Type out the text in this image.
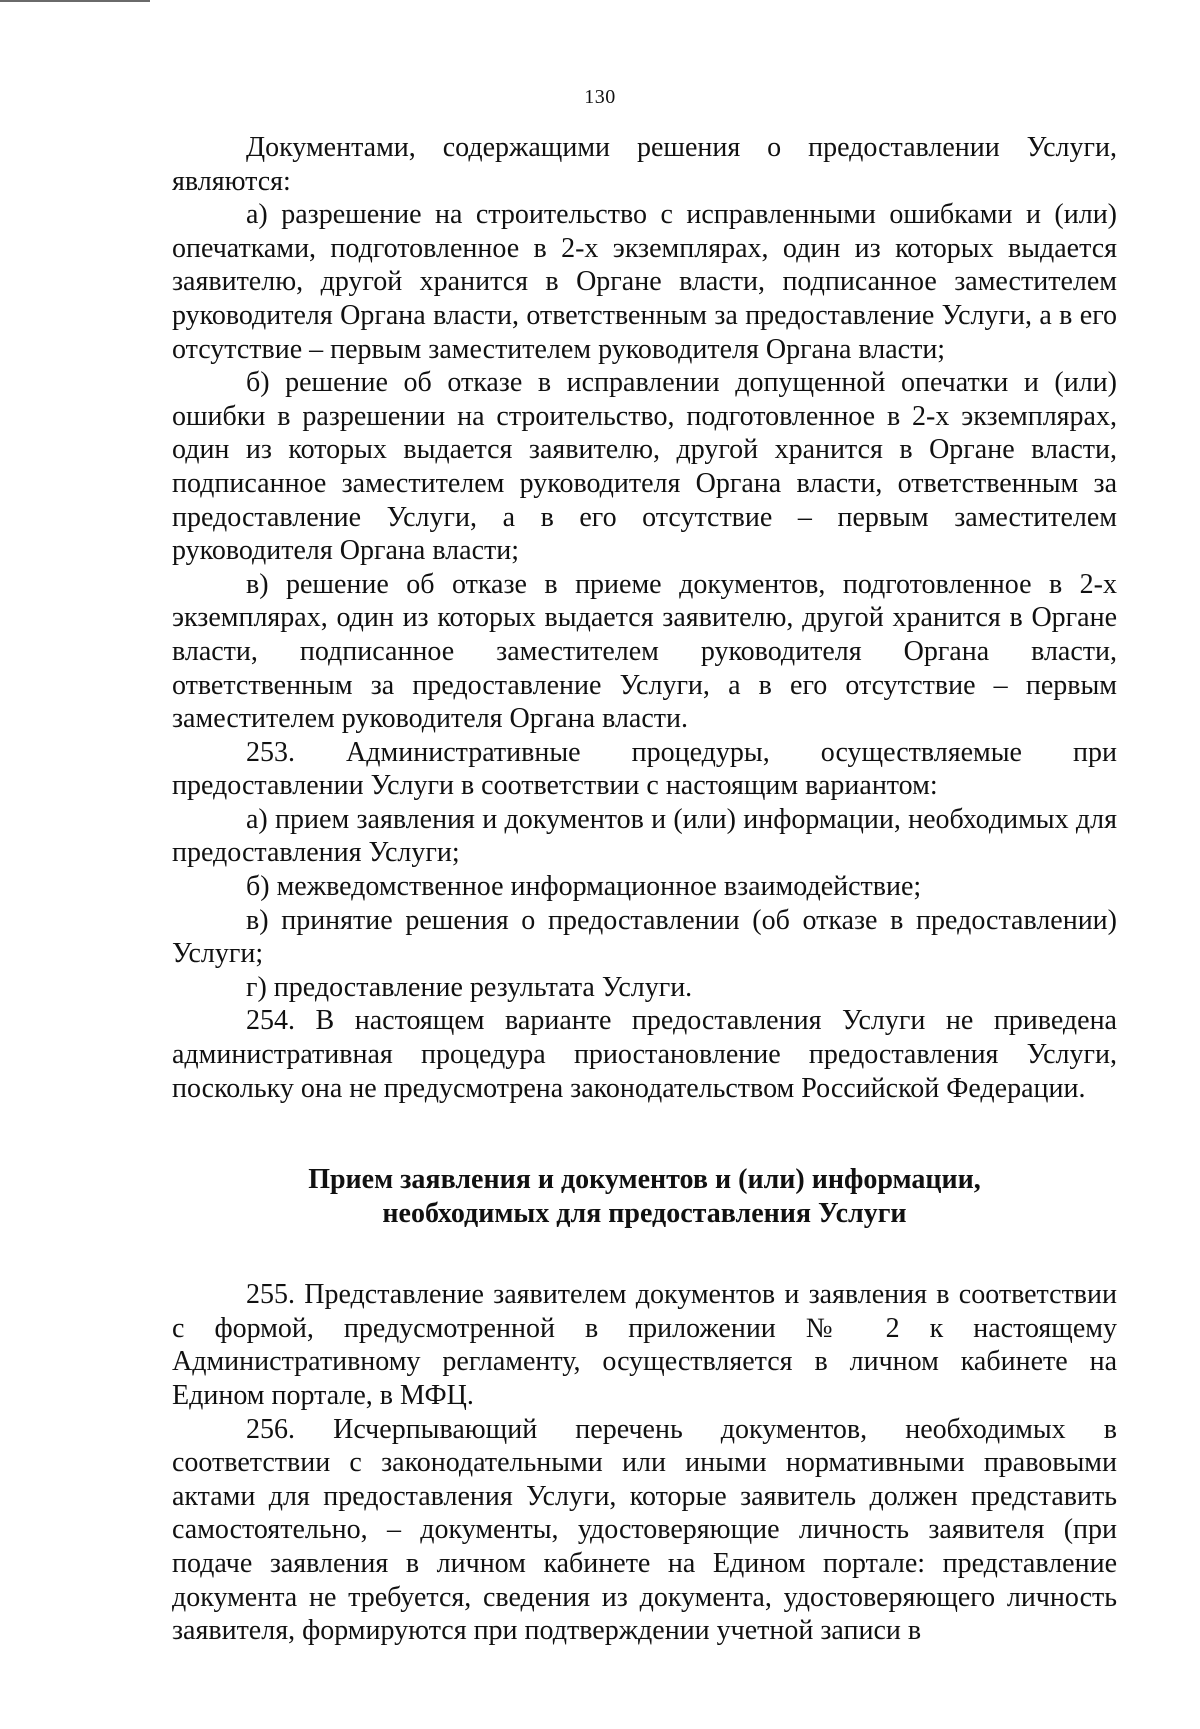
130

Документами, содержащими решения о предоставлении Услуги, являются:

а) разрешение на строительство с исправленными ошибками и (или) опечатками, подготовленное в 2-х экземплярах, один из которых выдается заявителю, другой хранится в Органе власти, подписанное заместителем руководителя Органа власти, ответственным за предоставление Услуги, а в его отсутствие – первым заместителем руководителя Органа власти;

б) решение об отказе в исправлении допущенной опечатки и (или) ошибки в разрешении на строительство, подготовленное в 2-х экземплярах, один из которых выдается заявителю, другой хранится в Органе власти, подписанное заместителем руководителя Органа власти, ответственным за предоставление Услуги, а в его отсутствие – первым заместителем руководителя Органа власти;

в) решение об отказе в приеме документов, подготовленное в 2-х экземплярах, один из которых выдается заявителю, другой хранится в Органе власти, подписанное заместителем руководителя Органа власти, ответственным за предоставление Услуги, а в его отсутствие – первым заместителем руководителя Органа власти.

253. Административные процедуры, осуществляемые при предоставлении Услуги в соответствии с настоящим вариантом:

а) прием заявления и документов и (или) информации, необходимых для предоставления Услуги;

б) межведомственное информационное взаимодействие;

в) принятие решения о предоставлении (об отказе в предоставлении) Услуги;

г) предоставление результата Услуги.

254. В настоящем варианте предоставления Услуги не приведена административная процедура приостановление предоставления Услуги, поскольку она не предусмотрена законодательством Российской Федерации.

Прием заявления и документов и (или) информации,
необходимых для предоставления Услуги

255. Представление заявителем документов и заявления в соответствии с формой, предусмотренной в приложении № 2 к настоящему Административному регламенту, осуществляется в личном кабинете на Едином портале, в МФЦ.

256. Исчерпывающий перечень документов, необходимых в соответствии с законодательными или иными нормативными правовыми актами для предоставления Услуги, которые заявитель должен представить самостоятельно, – документы, удостоверяющие личность заявителя (при подаче заявления в личном кабинете на Едином портале: представление документа не требуется, сведения из документа, удостоверяющего личность заявителя, формируются при подтверждении учетной записи в
